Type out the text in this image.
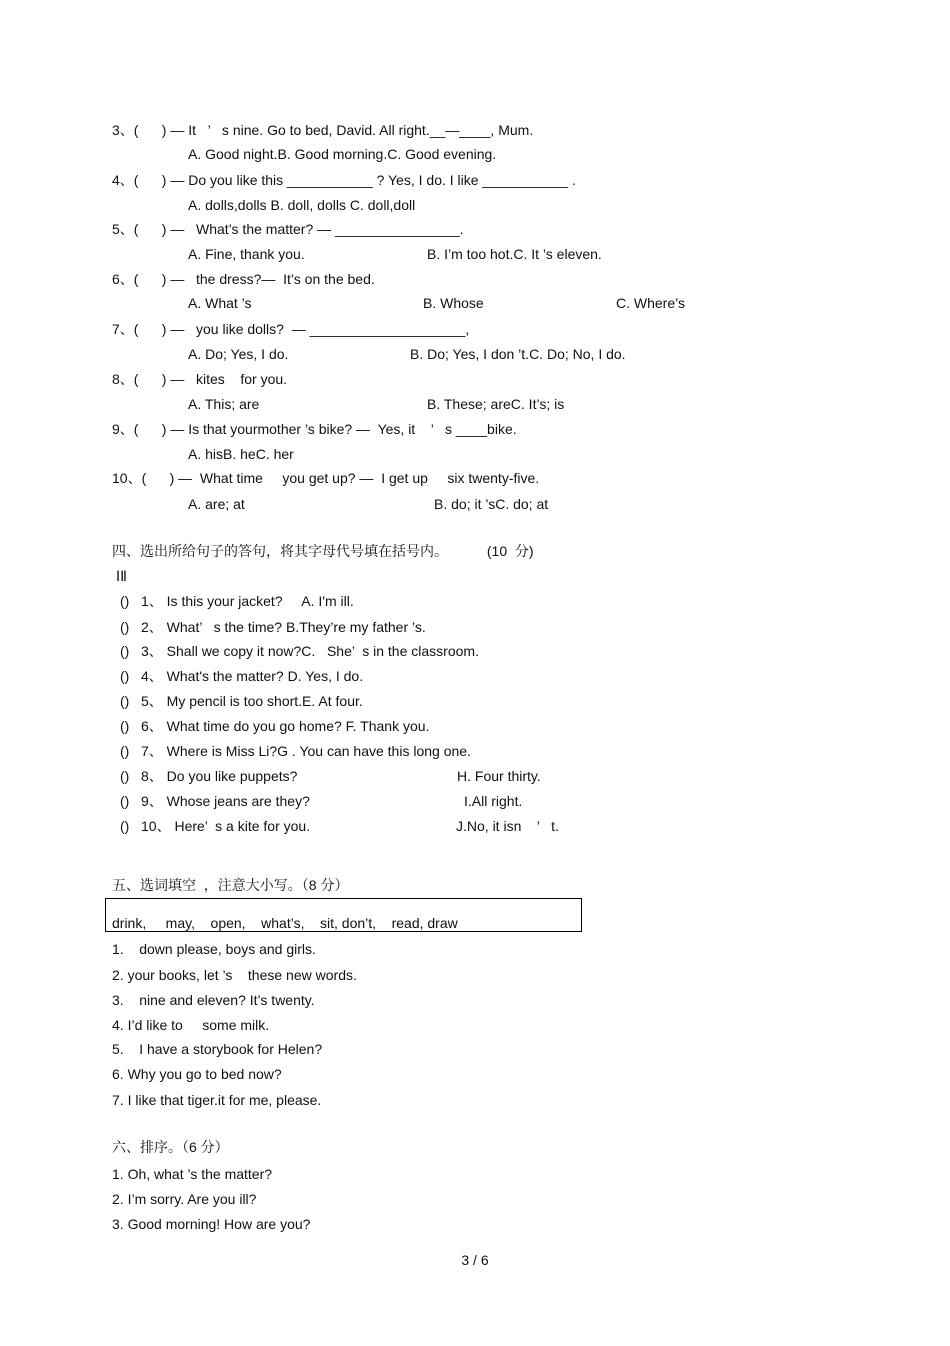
3、(      ) — It   ’   s nine. Go to bed, David. All right.__—____, Mum.
A. Good night.B. Good morning.C. Good evening.
4、(      ) — Do you like this ___________ ? Yes, I do. I like ___________ .
A. dolls,dolls B. doll, dolls C. doll,doll
5、(      ) —   What’s the matter? — ________________.
A. Fine, thank you.	B. I’m too hot.C. It ’s eleven.
6、(      ) —   the dress?—  It’s on the bed.
A. What ’s	B. Whose	C. Where’s
7、(      ) —   you like dolls?  — ____________________,
A. Do; Yes, I do.	B. Do; Yes, I don ’t.C. Do; No, I do.
8、(      ) —   kites    for you.
A. This; are	B. These; areC. It’s; is
9、(      ) — Is that yourmother ’s bike? —  Yes, it    ’   s ____bike.
A. hisB. heC. her
10、(      ) —  What time     you get up? —  I get up     six twenty-five.
A. are; at	B. do; it ’sC. do; at
四、选出所给句子的答句，将其字母代号填在括号内。          (10  分)
ⅠⅡ
()   1、 Is this your jacket?     A. I'm ill.
()   2、 What’   s the time? B.They’re my father ’s.
()   3、 Shall we copy it now?C.   She’  s in the classroom.
()   4、 What's the matter? D. Yes, I do.
()   5、 My pencil is too short.E. At four.
()   6、 What time do you go home? F. Thank you.
()   7、 Where is Miss Li?G . You can have this long one.
()   8、 Do you like puppets?	H. Four thirty.
()   9、 Whose jeans are they?	I.All right.
()   10、 Here’  s a kite for you.	J.No, it isn    ’   t.
五、选词填空  ，注意大小写。（8 分）
drink,     may,    open,    what’s,    sit, don’t,    read, draw
1.    down please, boys and girls.
2. your books, let ’s    these new words.
3.    nine and eleven? It’s twenty.
4. I’d like to     some milk.
5.    I have a storybook for Helen?
6. Why you go to bed now?
7. I like that tiger.it for me, please.
六、排序。（6 分）
1. Oh, what ’s the matter?
2. I’m sorry. Are you ill?
3. Good morning! How are you?
3 / 6
